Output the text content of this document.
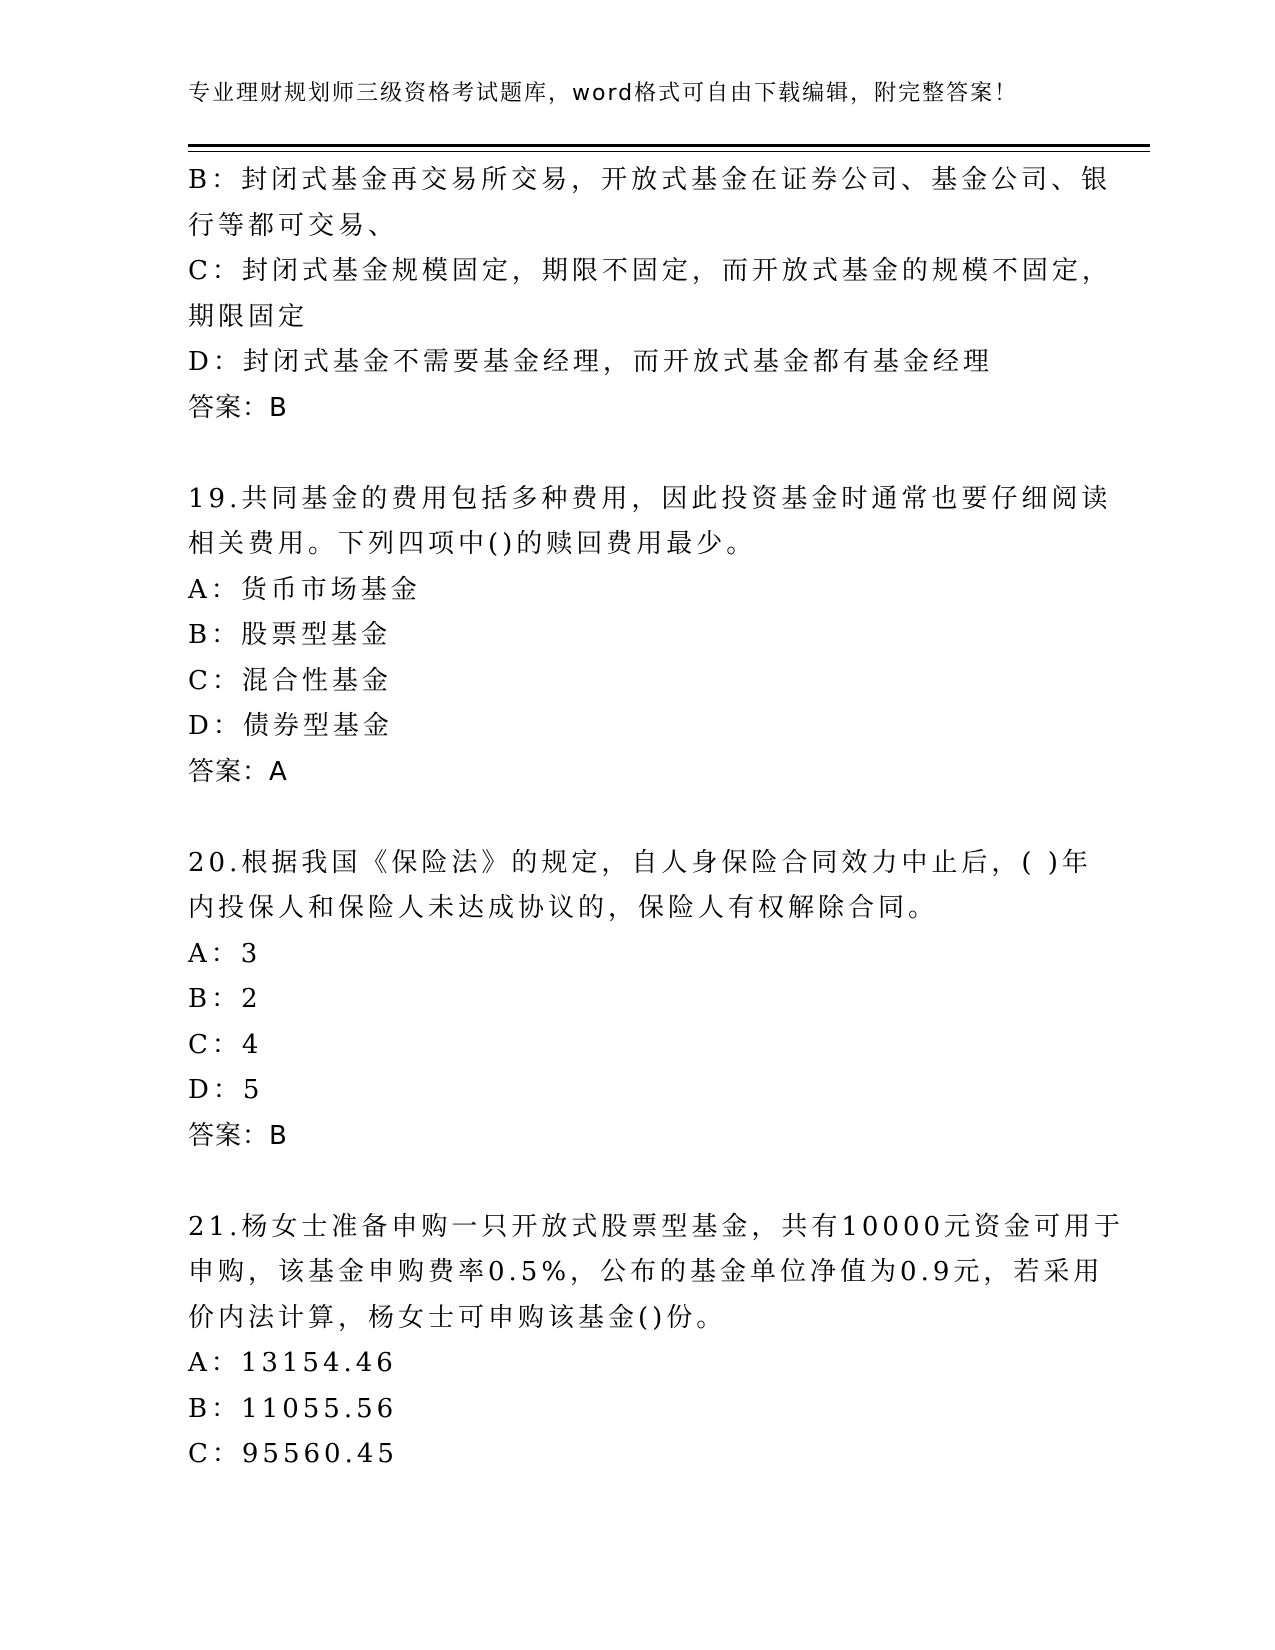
专业理财规划师三级资格考试题库，word格式可自由下载编辑，附完整答案！
B：封闭式基金再交易所交易，开放式基金在证券公司、基金公司、银
行等都可交易、
C：封闭式基金规模固定，期限不固定，而开放式基金的规模不固定，
期限固定
D：封闭式基金不需要基金经理，而开放式基金都有基金经理
答案：B
19.共同基金的费用包括多种费用，因此投资基金时通常也要仔细阅读
相关费用。下列四项中()的赎回费用最少。
A：货币市场基金
B：股票型基金
C：混合性基金
D：债券型基金
答案：A
20.根据我国《保险法》的规定，自人身保险合同效力中止后，( )年
内投保人和保险人未达成协议的，保险人有权解除合同。
A：3
B：2
C：4
D：5
答案：B
21.杨女士准备申购一只开放式股票型基金，共有10000元资金可用于
申购，该基金申购费率0.5%，公布的基金单位净值为0.9元，若采用
价内法计算，杨女士可申购该基金()份。
A：13154.46
B：11055.56
C：95560.45
